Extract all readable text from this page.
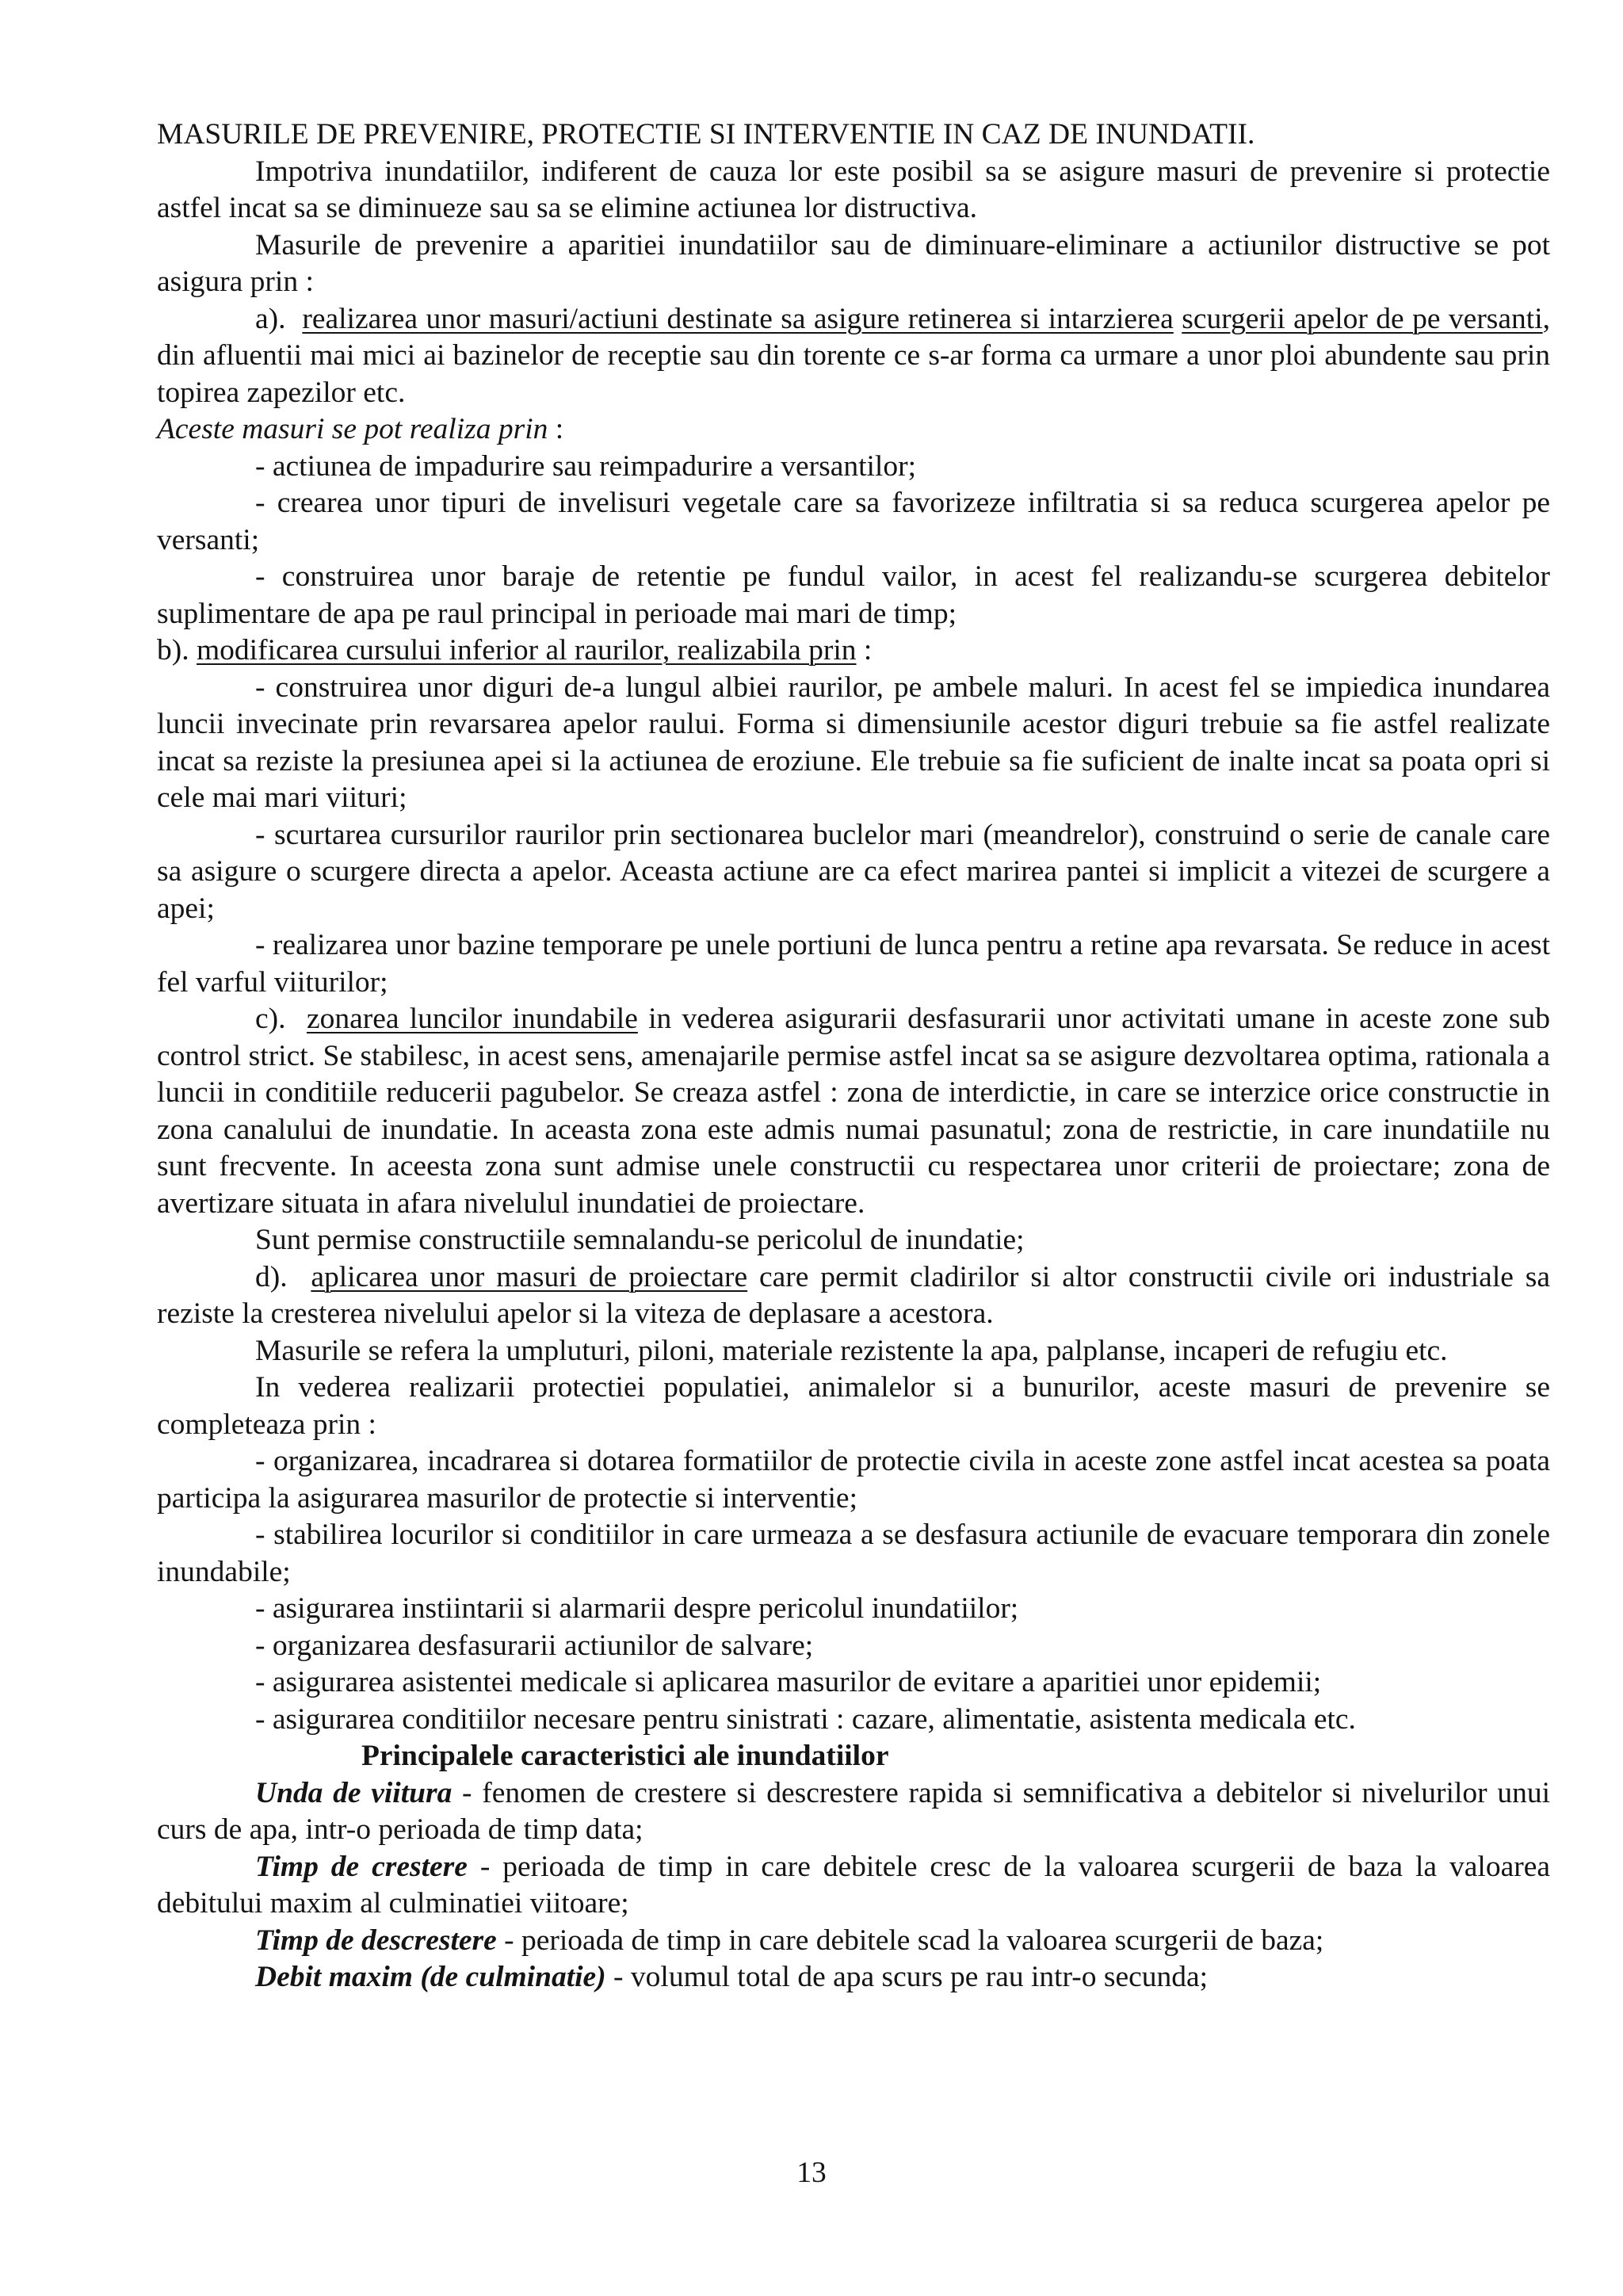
MASURILE DE PREVENIRE, PROTECTIE SI INTERVENTIE IN CAZ DE INUNDATII.

Impotriva inundatiilor, indiferent de cauza lor este posibil sa se asigure masuri de prevenire si protectie astfel incat sa se diminueze sau sa se elimine actiunea lor distructiva.

Masurile de prevenire a aparitiei inundatiilor sau de diminuare-eliminare a actiunilor distructive se pot asigura prin :

a). realizarea unor masuri/actiuni destinate sa asigure retinerea si intarzierea scurgerii apelor de pe versanti, din afluentii mai mici ai bazinelor de receptie sau din torente ce s-ar forma ca urmare a unor ploi abundente sau prin topirea zapezilor etc.

Aceste masuri se pot realiza prin :

- actiunea de impadurire sau reimpadurire a versantilor;

- crearea unor tipuri de invelisuri vegetale care sa favorizeze infiltratia si sa reduca scurgerea apelor pe versanti;

- construirea unor baraje de retentie pe fundul vailor, in acest fel realizandu-se scurgerea debitelor suplimentare de apa pe raul principal in perioade mai mari de timp;

b). modificarea cursului inferior al raurilor, realizabila prin :

- construirea unor diguri de-a lungul albiei raurilor, pe ambele maluri. In acest fel se impiedica inundarea luncii invecinate prin revarsarea apelor raului. Forma si dimensiunile acestor diguri trebuie sa fie astfel realizate incat sa reziste la presiunea apei si la actiunea de eroziune. Ele trebuie sa fie suficient de inalte incat sa poata opri si cele mai mari viituri;

- scurtarea cursurilor raurilor prin sectionarea buclelor mari (meandrelor), construind o serie de canale care sa asigure o scurgere directa a apelor. Aceasta actiune are ca efect marirea pantei si implicit a vitezei de scurgere a apei;

- realizarea unor bazine temporare pe unele portiuni de lunca pentru a retine apa revarsata. Se reduce in acest fel varful viiturilor;

c). zonarea luncilor inundabile in vederea asigurarii desfasurarii unor activitati umane in aceste zone sub control strict. Se stabilesc, in acest sens, amenajarile permise astfel incat sa se asigure dezvoltarea optima, rationala a luncii in conditiile reducerii pagubelor. Se creaza astfel : zona de interdictie, in care se interzice orice constructie in zona canalului de inundatie. In aceasta zona este admis numai pasunatul; zona de restrictie, in care inundatiile nu sunt frecvente. In aceesta zona sunt admise unele constructii cu respectarea unor criterii de proiectare; zona de avertizare situata in afara nivelulul inundatiei de proiectare.

Sunt permise constructiile semnalandu-se pericolul de inundatie;

d). aplicarea unor masuri de proiectare care permit cladirilor si altor constructii civile ori industriale sa reziste la cresterea nivelului apelor si la viteza de deplasare a acestora.

Masurile se refera la umpluturi, piloni, materiale rezistente la apa, palplanse, incaperi de refugiu etc.

In vederea realizarii protectiei populatiei, animalelor si a bunurilor, aceste masuri de prevenire se completeaza prin :

- organizarea, incadrarea si dotarea formatiilor de protectie civila in aceste zone astfel incat acestea sa poata participa la asigurarea masurilor de protectie si interventie;

- stabilirea locurilor si conditiilor in care urmeaza a se desfasura actiunile de evacuare temporara din zonele inundabile;

- asigurarea instiintarii si alarmarii despre pericolul inundatiilor;

- organizarea desfasurarii actiunilor de salvare;

- asigurarea asistentei medicale si aplicarea masurilor de evitare a aparitiei unor epidemii;

- asigurarea conditiilor necesare pentru sinistrati : cazare, alimentatie, asistenta medicala etc.

Principalele caracteristici ale inundatiilor

Unda de viitura - fenomen de crestere si descrestere rapida si semnificativa a debitelor si nivelurilor unui curs de apa, intr-o perioada de timp data;

Timp de crestere - perioada de timp in care debitele cresc de la valoarea scurgerii de baza la valoarea debitului maxim al culminatiei viitoare;

Timp de descrestere - perioada de timp in care debitele scad la valoarea scurgerii de baza;

Debit maxim (de culminatie) - volumul total de apa scurs pe rau intr-o secunda;

13
